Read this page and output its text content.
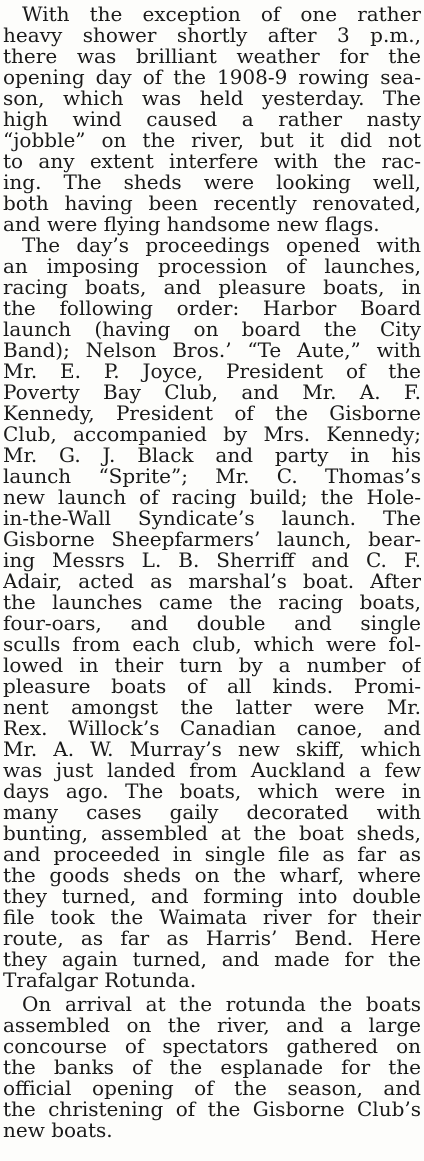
With the exception of one rather
heavy shower shortly after 3 p.m.,
there was brilliant weather for the
opening day of the 1908-9 rowing sea-
son, which was held yesterday. The
high wind caused a rather nasty
“jobble” on the river, but it did not
to any extent interfere with the rac-
ing. The sheds were looking well,
both having been recently renovated,
and were flying handsome new flags.
The day’s proceedings opened with
an imposing procession of launches,
racing boats, and pleasure boats, in
the following order: Harbor Board
launch (having on board the City
Band); Nelson Bros.’ “Te Aute,” with
Mr. E. P. Joyce, President of the
Poverty Bay Club, and Mr. A. F.
Kennedy, President of the Gisborne
Club, accompanied by Mrs. Kennedy;
Mr. G. J. Black and party in his
launch “Sprite”; Mr. C. Thomas’s
new launch of racing build; the Hole-
in-the-Wall Syndicate’s launch. The
Gisborne Sheepfarmers’ launch, bear-
ing Messrs L. B. Sherriff and C. F.
Adair, acted as marshal’s boat. After
the launches came the racing boats,
four-oars, and double and single
sculls from each club, which were fol-
lowed in their turn by a number of
pleasure boats of all kinds. Promi-
nent amongst the latter were Mr.
Rex. Willock’s Canadian canoe, and
Mr. A. W. Murray’s new skiff, which
was just landed from Auckland a few
days ago. The boats, which were in
many cases gaily decorated with
bunting, assembled at the boat sheds,
and proceeded in single file as far as
the goods sheds on the wharf, where
they turned, and forming into double
file took the Waimata river for their
route, as far as Harris’ Bend. Here
they again turned, and made for the
Trafalgar Rotunda.
On arrival at the rotunda the boats
assembled on the river, and a large
concourse of spectators gathered on
the banks of the esplanade for the
official opening of the season, and
the christening of the Gisborne Club’s
new boats.
